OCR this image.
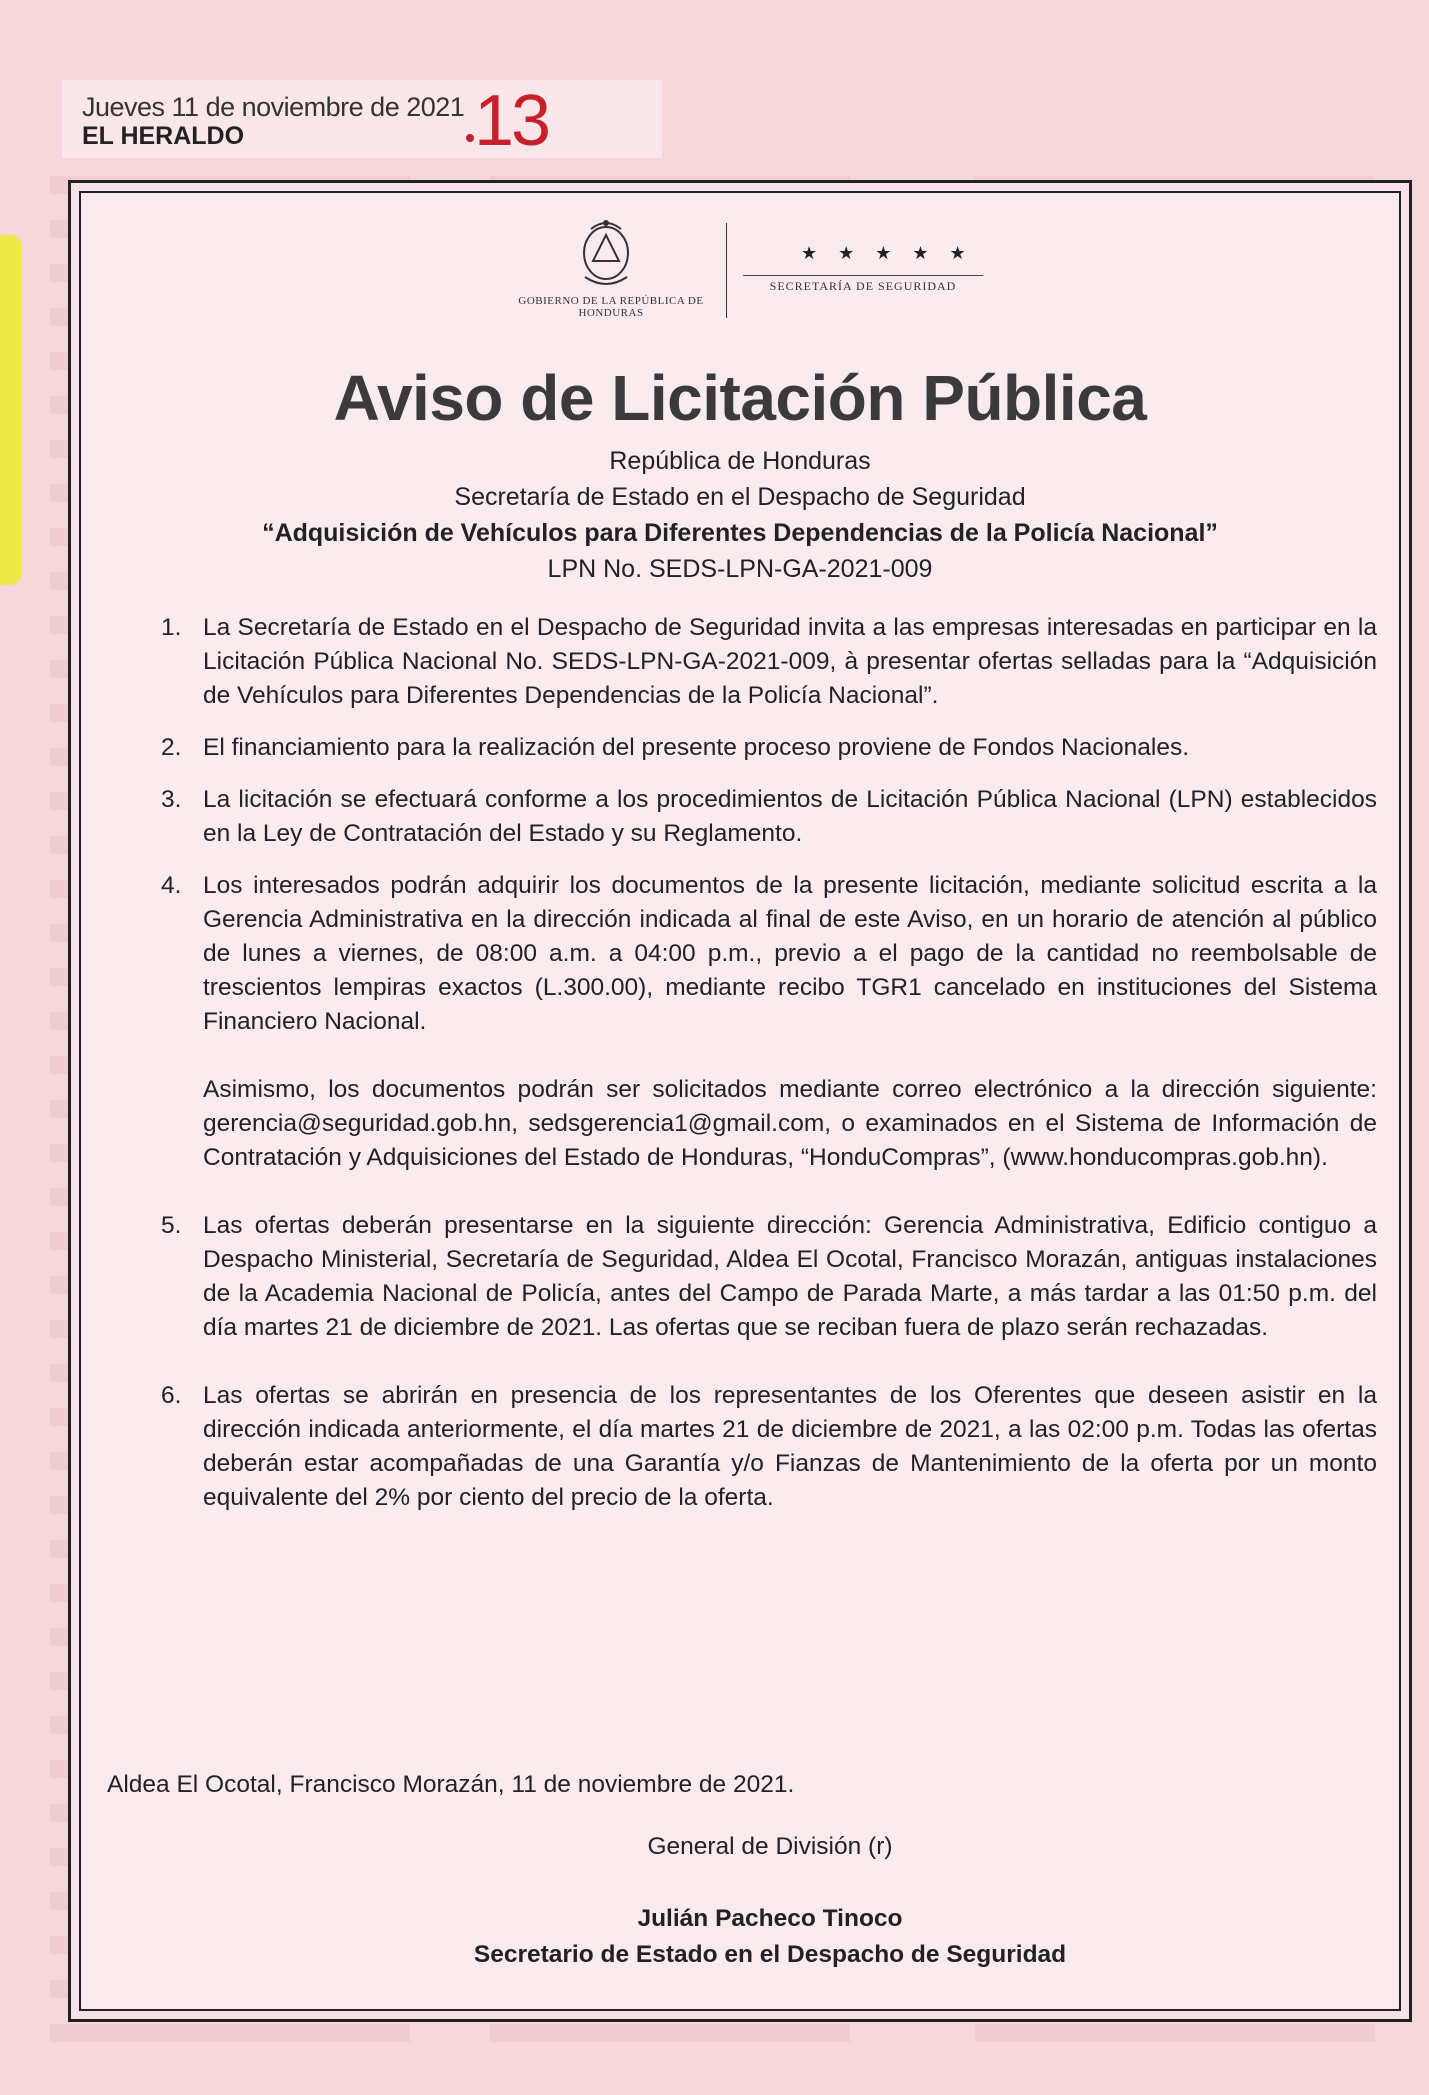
Jueves 11 de noviembre de 2021
EL HERALDO	13
GOBIERNO DE LA REPÚBLICA DE HONDURAS
★ ★ ★ ★ ★
SECRETARÍA DE SEGURIDAD
Aviso de Licitación Pública
República de Honduras
Secretaría de Estado en el Despacho de Seguridad
“Adquisición de Vehículos para Diferentes Dependencias de la Policía Nacional”
LPN No. SEDS-LPN-GA-2021-009
1. La Secretaría de Estado en el Despacho de Seguridad invita a las empresas interesadas en participar en la Licitación Pública Nacional No. SEDS-LPN-GA-2021-009, à presentar ofertas selladas para la “Adquisición de Vehículos para Diferentes Dependencias de la Policía Nacional”.

2. El financiamiento para la realización del presente proceso proviene de Fondos Nacionales.

3. La licitación se efectuará conforme a los procedimientos de Licitación Pública Nacional (LPN) establecidos en la Ley de Contratación del Estado y su Reglamento.

4. Los interesados podrán adquirir los documentos de la presente licitación, mediante solicitud escrita a la Gerencia Administrativa en la dirección indicada al final de este Aviso, en un horario de atención al público de lunes a viernes, de 08:00 a.m. a 04:00 p.m., previo a el pago de la cantidad no reembolsable de trescientos lempiras exactos (L.300.00), mediante recibo TGR1 cancelado en instituciones del Sistema Financiero Nacional.

Asimismo, los documentos podrán ser solicitados mediante correo electrónico a la dirección siguiente: gerencia@seguridad.gob.hn, sedsgerencia1@gmail.com, o examinados en el Sistema de Información de Contratación y Adquisiciones del Estado de Honduras, “HonduCompras”, (www.honducompras.gob.hn).

5. Las ofertas deberán presentarse en la siguiente dirección: Gerencia Administrativa, Edificio contiguo a Despacho Ministerial, Secretaría de Seguridad, Aldea El Ocotal, Francisco Morazán, antiguas instalaciones de la Academia Nacional de Policía, antes del Campo de Parada Marte, a más tardar a las 01:50 p.m. del día martes 21 de diciembre de 2021. Las ofertas que se reciban fuera de plazo serán rechazadas.

6. Las ofertas se abrirán en presencia de los representantes de los Oferentes que deseen asistir en la dirección indicada anteriormente, el día martes 21 de diciembre de 2021, a las 02:00 p.m. Todas las ofertas deberán estar acompañadas de una Garantía y/o Fianzas de Mantenimiento de la oferta por un monto equivalente del 2% por ciento del precio de la oferta.

Aldea El Ocotal, Francisco Morazán, 11 de noviembre de 2021.
General de División (r)
Julián Pacheco Tinoco
Secretario de Estado en el Despacho de Seguridad
